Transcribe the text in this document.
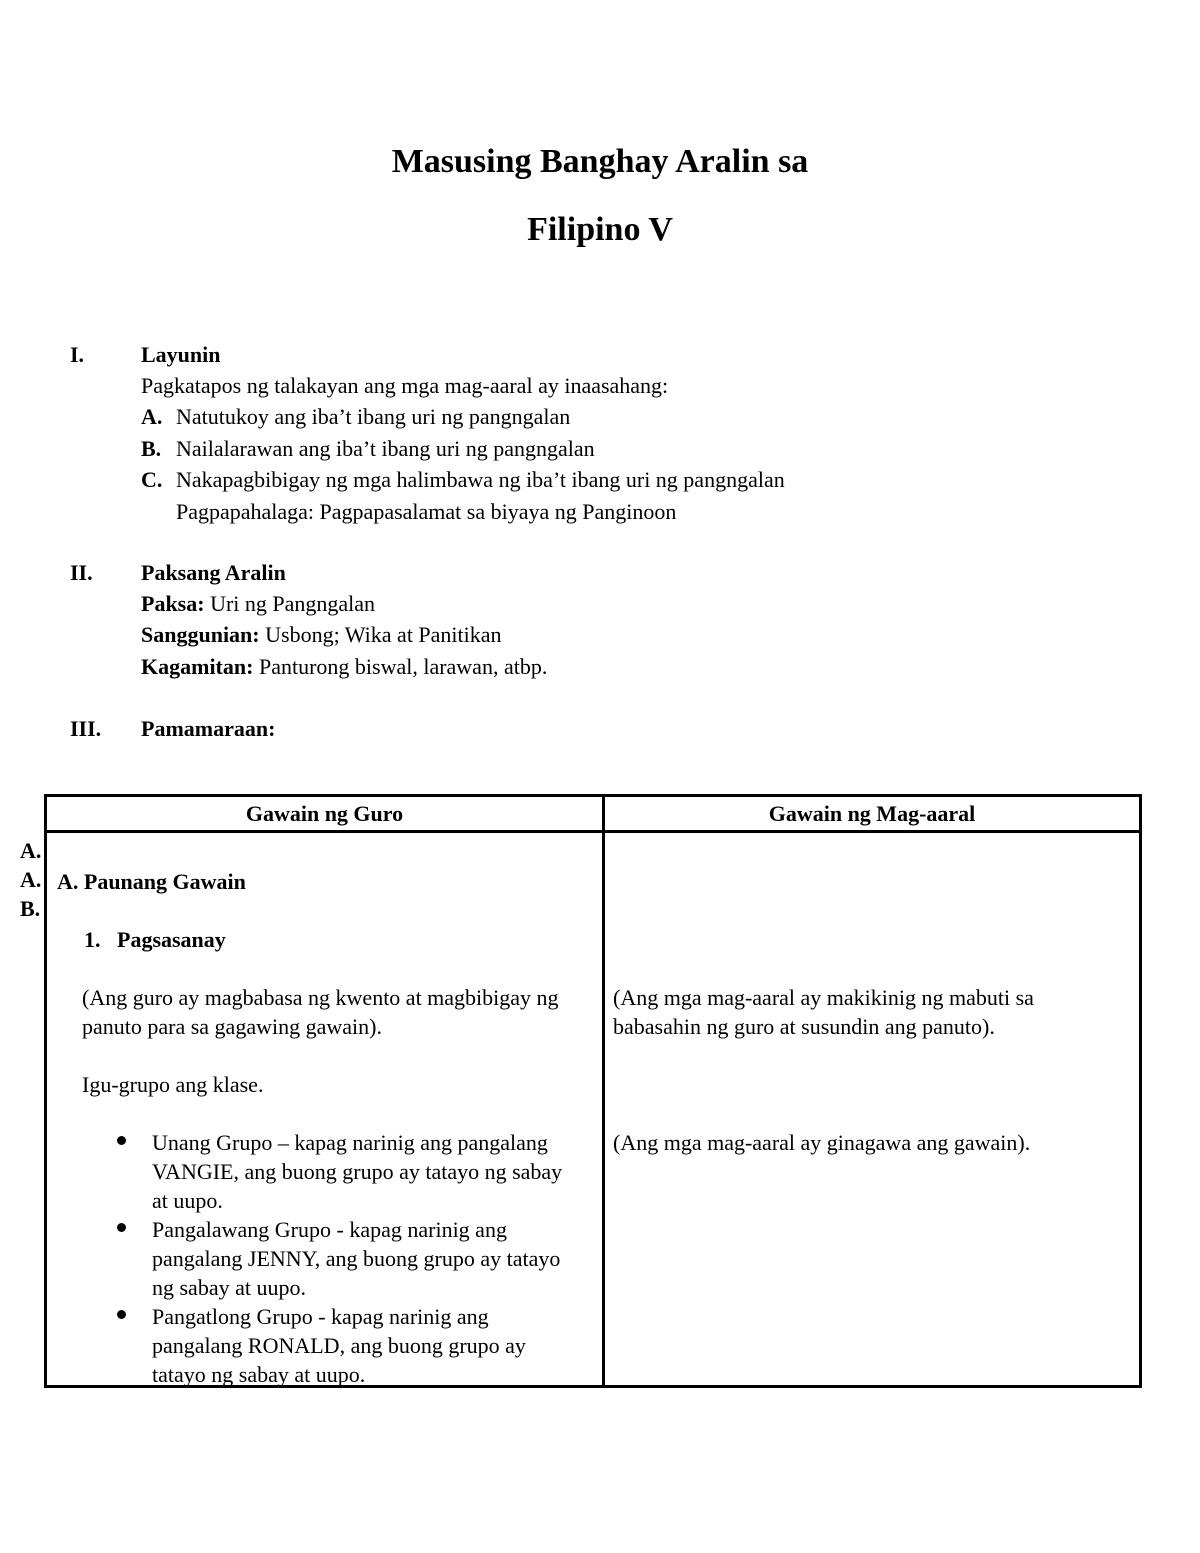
Masusing Banghay Aralin sa
Filipino V
I.	Layunin
Pagkatapos ng talakayan ang mga mag-aaral ay inaasahang:
A. Natutukoy ang iba’t ibang uri ng pangngalan
B. Nailalarawan ang iba’t ibang uri ng pangngalan
C. Nakapagbibigay ng mga halimbawa ng iba’t ibang uri ng pangngalan
Pagpapahalaga: Pagpapasalamat sa biyaya ng Panginoon
II. Paksang Aralin
Paksa: Uri ng Pangngalan
Sanggunian: Usbong; Wika at Panitikan
Kagamitan: Panturong biswal, larawan, atbp.
III. Pamamaraan:
A.
A.
B.
Gawain ng Guro	Gawain ng Mag-aaral
A. Paunang Gawain
1. Pagsasanay
(Ang guro ay magbabasa ng kwento at magbibigay ng
panuto para sa gagawing gawain).
Igu-grupo ang klase.
Unang Grupo – kapag narinig ang pangalang
VANGIE, ang buong grupo ay tatayo ng sabay
at uupo.
Pangalawang Grupo - kapag narinig ang
pangalang JENNY, ang buong grupo ay tatayo
ng sabay at uupo.
Pangatlong Grupo - kapag narinig ang
pangalang RONALD, ang buong grupo ay
tatayo ng sabay at uupo.
(Ang mga mag-aaral ay makikinig ng mabuti sa
babasahin ng guro at susundin ang panuto).
(Ang mga mag-aaral ay ginagawa ang gawain).
